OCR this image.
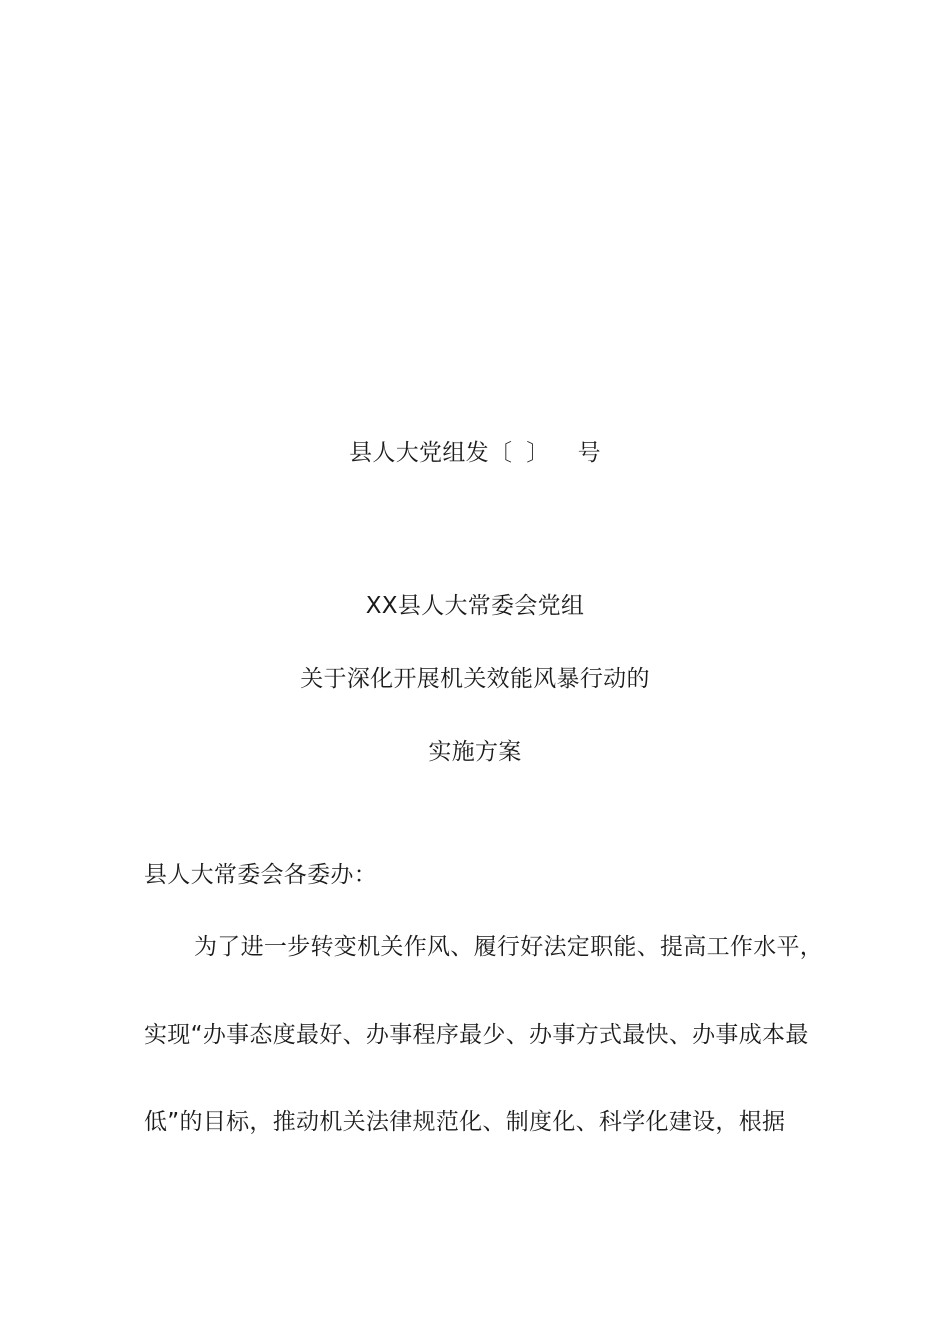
县人大党组发〔 〕 号
XX县人大常委会党组
关于深化开展机关效能风暴行动的
实施方案
县人大常委会各委办：
为了进一步转变机关作风、履行好法定职能、提高工作水平，
实现“办事态度最好、办事程序最少、办事方式最快、办事成本最
低”的目标，推动机关法律规范化、制度化、科学化建设，根据
